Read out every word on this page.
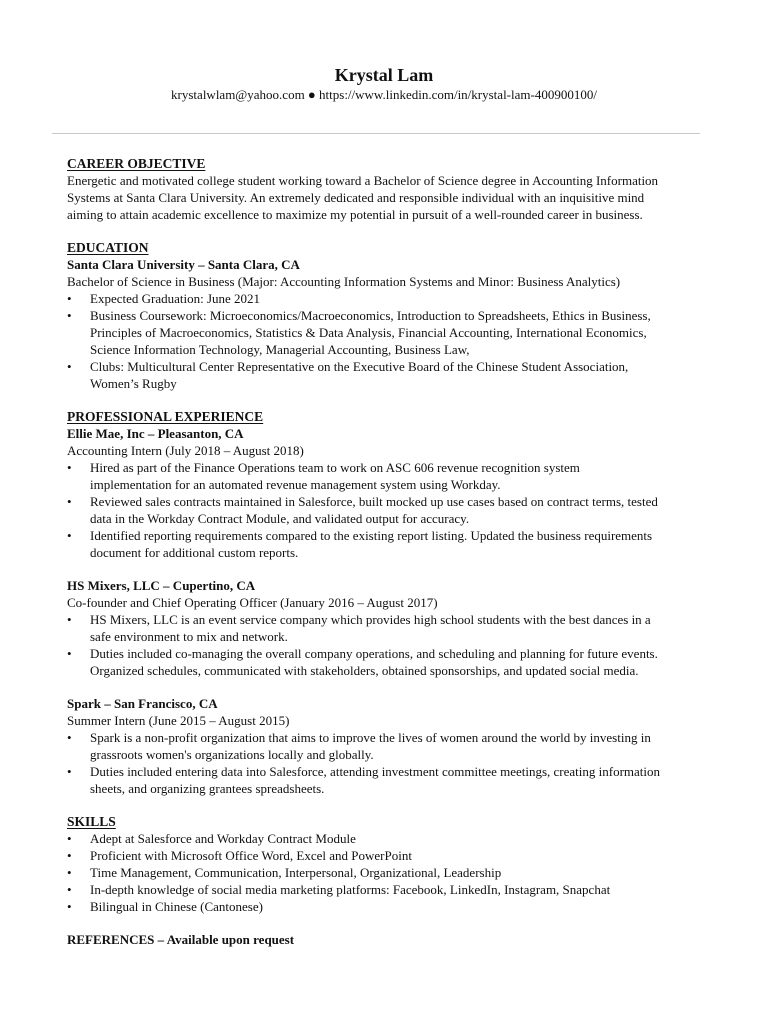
Krystal Lam
krystalwlam@yahoo.com ● https://www.linkedin.com/in/krystal-lam-400900100/
CAREER OBJECTIVE
Energetic and motivated college student working toward a Bachelor of Science degree in Accounting Information
Systems at Santa Clara University. An extremely dedicated and responsible individual with an inquisitive mind
aiming to attain academic excellence to maximize my potential in pursuit of a well-rounded career in business.
EDUCATION
Santa Clara University – Santa Clara, CA
Bachelor of Science in Business (Major: Accounting Information Systems and Minor: Business Analytics)
•	Expected Graduation: June 2021
•	Business Coursework: Microeconomics/Macroeconomics, Introduction to Spreadsheets, Ethics in Business,
Principles of Macroeconomics, Statistics & Data Analysis, Financial Accounting, International Economics,
Science Information Technology, Managerial Accounting, Business Law,
•	Clubs: Multicultural Center Representative on the Executive Board of the Chinese Student Association,
Women’s Rugby
PROFESSIONAL EXPERIENCE
Ellie Mae, Inc – Pleasanton, CA
Accounting Intern (July 2018 – August 2018)
•	Hired as part of the Finance Operations team to work on ASC 606 revenue recognition system
implementation for an automated revenue management system using Workday.
•	Reviewed sales contracts maintained in Salesforce, built mocked up use cases based on contract terms, tested
data in the Workday Contract Module, and validated output for accuracy.
•	Identified reporting requirements compared to the existing report listing. Updated the business requirements
document for additional custom reports.
HS Mixers, LLC – Cupertino, CA
Co-founder and Chief Operating Officer (January 2016 – August 2017)
•	HS Mixers, LLC is an event service company which provides high school students with the best dances in a
safe environment to mix and network.
•	Duties included co-managing the overall company operations, and scheduling and planning for future events.
Organized schedules, communicated with stakeholders, obtained sponsorships, and updated social media.
Spark – San Francisco, CA
Summer Intern (June 2015 – August 2015)
•	Spark is a non-profit organization that aims to improve the lives of women around the world by investing in
grassroots women's organizations locally and globally.
•	Duties included entering data into Salesforce, attending investment committee meetings, creating information
sheets, and organizing grantees spreadsheets.
SKILLS
•	Adept at Salesforce and Workday Contract Module
•	Proficient with Microsoft Office Word, Excel and PowerPoint
•	Time Management, Communication, Interpersonal, Organizational, Leadership
•	In-depth knowledge of social media marketing platforms: Facebook, LinkedIn, Instagram, Snapchat
•	Bilingual in Chinese (Cantonese)
REFERENCES – Available upon request
